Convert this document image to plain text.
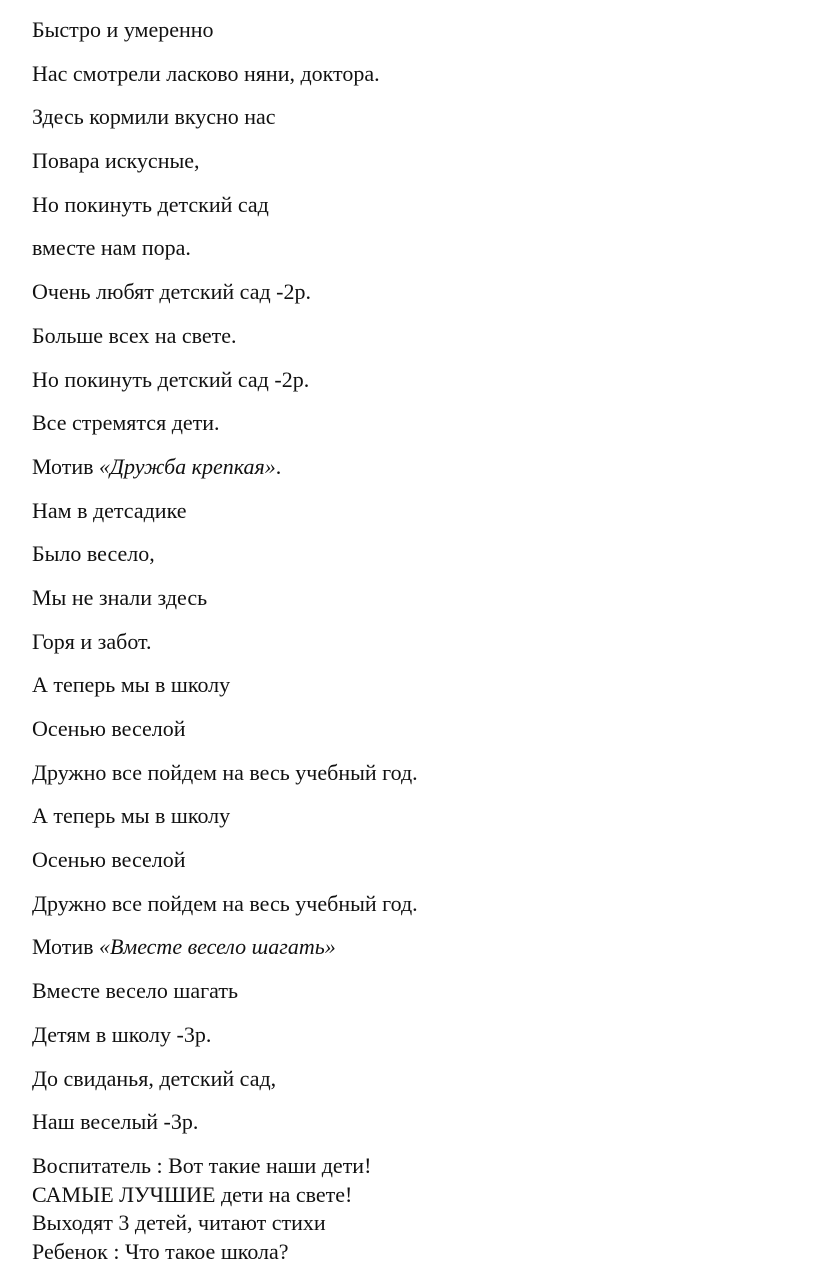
Быстро и умеренно
Нас смотрели ласково няни, доктора.
Здесь кормили вкусно нас
Повара искусные,
Но покинуть детский сад
вместе нам пора.
Очень любят детский сад -2р.
Больше всех на свете.
Но покинуть детский сад -2р.
Все стремятся дети.
Мотив «Дружба крепкая».
Нам в детсадике
Было весело,
Мы не знали здесь
Горя и забот.
А теперь мы в школу
Осенью веселой
Дружно все пойдем на весь учебный год.
А теперь мы в школу
Осенью веселой
Дружно все пойдем на весь учебный год.
Мотив «Вместе весело шагать»
Вместе весело шагать
Детям в школу -3р.
До свиданья, детский сад,
Наш веселый -3р.
Воспитатель : Вот такие наши дети!
САМЫЕ ЛУЧШИЕ дети на свете!
Выходят 3 детей, читают стихи
Ребенок : Что такое школа?
